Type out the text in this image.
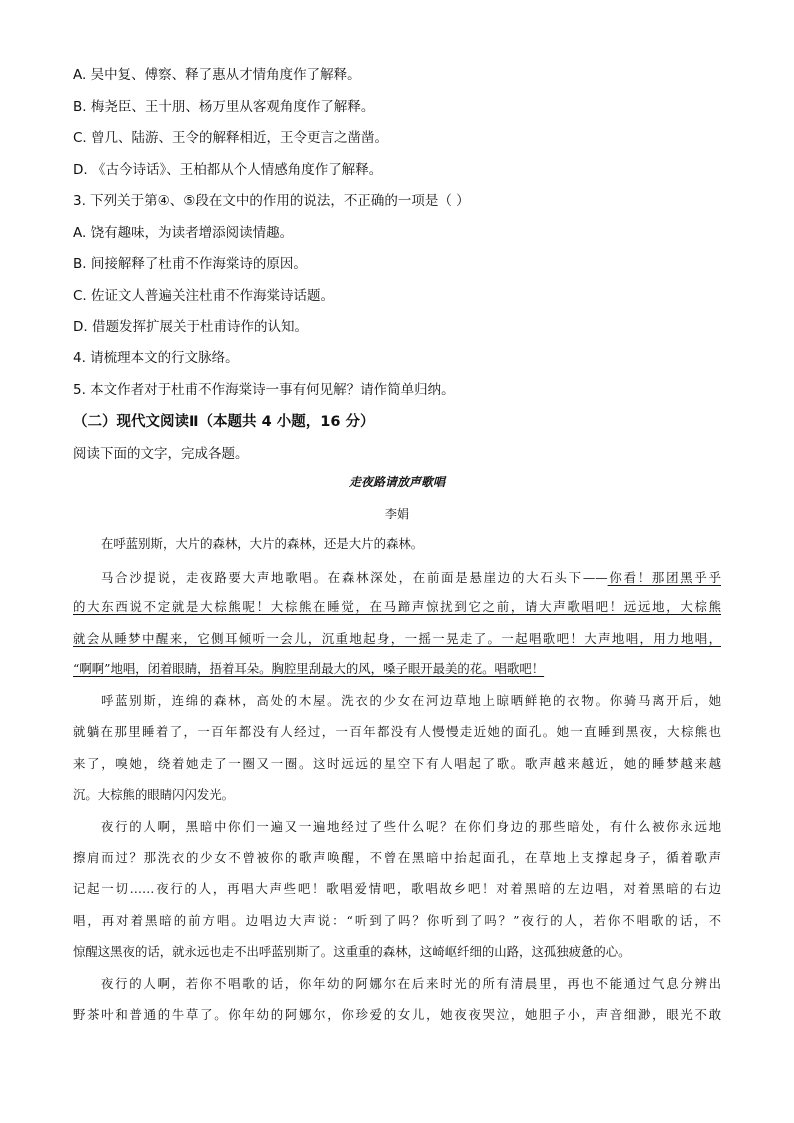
A. 吴中复、傅察、释了惠从才情角度作了解释。
B. 梅尧臣、王十朋、杨万里从客观角度作了解释。
C. 曾几、陆游、王令的解释相近，王令更言之凿凿。
D. 《古今诗话》、王柏都从个人情感角度作了解释。
3. 下列关于第④、⑤段在文中的作用的说法，不正确的一项是（ ）
A. 饶有趣味，为读者增添阅读情趣。
B. 间接解释了杜甫不作海棠诗的原因。
C. 佐证文人普遍关注杜甫不作海棠诗话题。
D. 借题发挥扩展关于杜甫诗作的认知。
4. 请梳理本文的行文脉络。
5. 本文作者对于杜甫不作海棠诗一事有何见解？请作简单归纳。
（二）现代文阅读Ⅱ（本题共 4 小题，16 分）
阅读下面的文字，完成各题。
走夜路请放声歌唱
李娟
在呼蓝别斯，大片的森林，大片的森林，还是大片的森林。
马合沙提说，走夜路要大声地歌唱。在森林深处，在前面是悬崖边的大石头下——你看！那团黑乎乎
的大东西说不定就是大棕熊呢！大棕熊在睡觉，在马蹄声惊扰到它之前，请大声歌唱吧！远远地，大棕熊
就会从睡梦中醒来，它侧耳倾听一会儿，沉重地起身，一摇一晃走了。一起唱歌吧！大声地唱，用力地唱，
“啊啊”地唱，闭着眼睛，捂着耳朵。胸腔里刮最大的风，嗓子眼开最美的花。唱歌吧！
呼蓝别斯，连绵的森林，高处的木屋。洗衣的少女在河边草地上晾晒鲜艳的衣物。你骑马离开后，她
就躺在那里睡着了，一百年都没有人经过，一百年都没有人慢慢走近她的面孔。她一直睡到黑夜，大棕熊也
来了，嗅她，绕着她走了一圈又一圈。这时远远的星空下有人唱起了歌。歌声越来越近，她的睡梦越来越
沉。大棕熊的眼睛闪闪发光。
夜行的人啊，黑暗中你们一遍又一遍地经过了些什么呢？在你们身边的那些暗处，有什么被你永远地
擦肩而过？那洗衣的少女不曾被你的歌声唤醒，不曾在黑暗中抬起面孔，在草地上支撑起身子，循着歌声
记起一切……夜行的人，再唱大声些吧！歌唱爱情吧，歌唱故乡吧！对着黑暗的左边唱，对着黑暗的右边
唱，再对着黑暗的前方唱。边唱边大声说：“听到了吗？你听到了吗？”夜行的人，若你不唱歌的话，不
惊醒这黑夜的话，就永远也走不出呼蓝别斯了。这重重的森林，这崎岖纤细的山路，这孤独疲惫的心。
夜行的人啊，若你不唱歌的话，你年幼的阿娜尔在后来时光的所有清晨里，再也不能通过气息分辨出
野茶叶和普通的牛草了。你年幼的阿娜尔，你珍爱的女儿，她夜夜哭泣，她胆子小，声音细渺，眼光不敢
